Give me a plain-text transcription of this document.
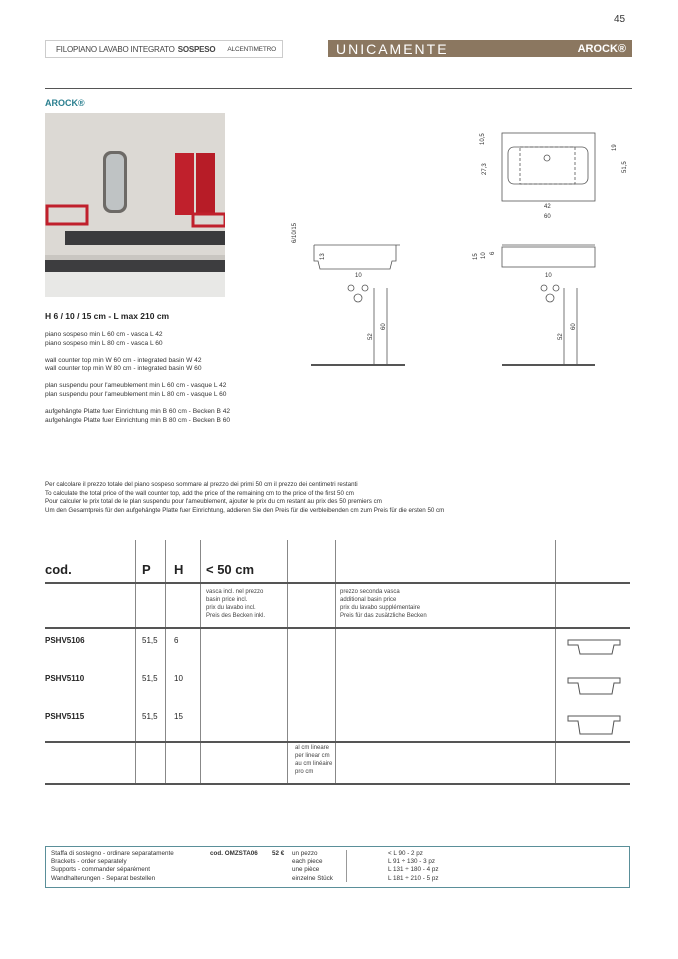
45
FILOPIANO LAVABO INTEGRATO SOSPESO ALCENTIMETRO	UNICAMENTE	AROCK®
AROCK®
10,5
27,3
19
51,5
42
60
6/10/15
13
10
52
60
15 10 6
10
52
60
H 6 / 10 / 15 cm - L max 210 cm

piano sospeso min L 60 cm - vasca L 42
piano sospeso min L 80 cm - vasca L 60

wall counter top min W 60 cm - integrated basin W 42
wall counter top min W 80 cm - integrated basin W 60

plan suspendu pour l'ameublement min L 60 cm - vasque L 42
plan suspendu pour l'ameublement min L 80 cm - vasque L 60

aufgehängte Platte fuer Einrichtung min B 60 cm - Becken B 42
aufgehängte Platte fuer Einrichtung min B 80 cm - Becken B 60

Per calcolare il prezzo totale del piano sospeso sommare al prezzo dei primi 50 cm il prezzo dei centimetri restanti
To calculate the total price of the wall counter top, add the price of the remaining cm to the price of the first 50 cm
Pour calculer le prix total de le plan suspendu pour l'ameublement, ajouter le prix du cm restant au prix des 50 premiers cm
Um den Gesamtpreis für den aufgehängte Platte fuer Einrichtung, addieren Sie den Preis für die verbleibenden cm zum Preis für die ersten 50 cm
cod.	P H < 50 cm
vasca incl. nel prezzo
basin price incl.
prix du lavabo incl.
Preis des Becken inkl.
prezzo seconda vasca
additional basin price
prix du lavabo supplémentaire
Preis für das zusätzliche Becken
PSHV5106	51,5 6
PSHV5110	51,5 10
PSHV5115	51,5 15
al cm lineare
per linear cm
au cm linéaire
pro cm
Staffa di sostegno - ordinare separatamente
Brackets - order separately
Supports - commander séparément
Wandhalterungen - Separat bestellen
cod. OMZSTA06 52 € un pezzo
each piece
une pièce
einzelne Stück
< L 90 - 2 pz
L 91 ÷ 130 - 3 pz
L 131 ÷ 180 - 4 pz
L 181 ÷ 210 - 5 pz
